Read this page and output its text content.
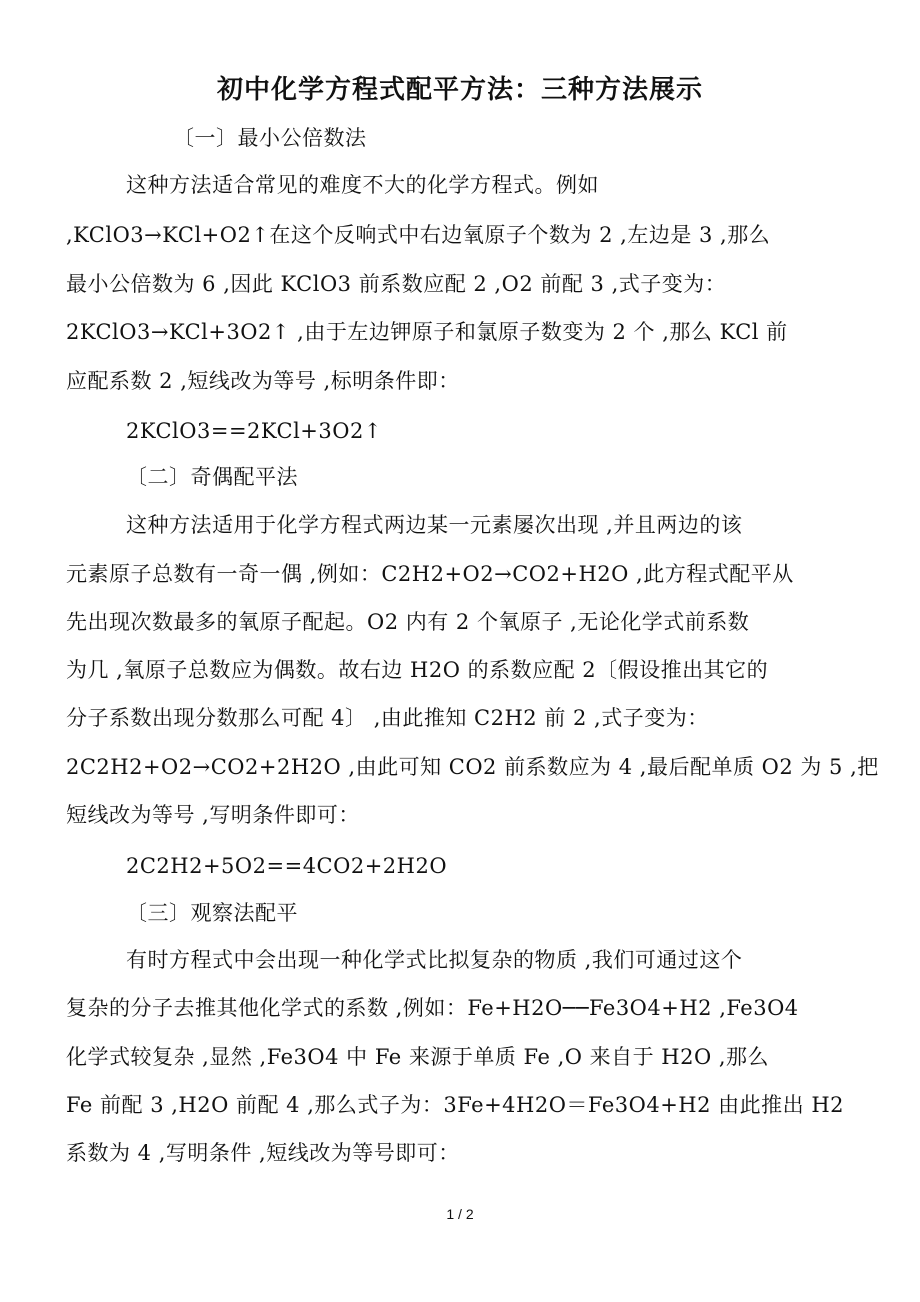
初中化学方程式配平方法：三种方法展示
〔一〕最小公倍数法
这种方法适合常见的难度不大的化学方程式。例如
,KClO3→KCl+O2↑在这个反响式中右边氧原子个数为 2 ,左边是 3 ,那么
最小公倍数为 6 ,因此 KClO3 前系数应配 2 ,O2 前配 3 ,式子变为：
2KClO3→KCl+3O2↑ ,由于左边钾原子和氯原子数变为 2 个 ,那么 KCl 前
应配系数 2 ,短线改为等号 ,标明条件即：
2KClO3==2KCl+3O2↑
〔二〕奇偶配平法
这种方法适用于化学方程式两边某一元素屡次出现 ,并且两边的该
元素原子总数有一奇一偶 ,例如：C2H2+O2→CO2+H2O ,此方程式配平从
先出现次数最多的氧原子配起。O2 内有 2 个氧原子 ,无论化学式前系数
为几 ,氧原子总数应为偶数。故右边 H2O 的系数应配 2〔假设推出其它的
分子系数出现分数那么可配 4〕 ,由此推知 C2H2 前 2 ,式子变为：
2C2H2+O2→CO2+2H2O ,由此可知 CO2 前系数应为 4 ,最后配单质 O2 为 5 ,把
短线改为等号 ,写明条件即可：
2C2H2+5O2==4CO2+2H2O
〔三〕观察法配平
有时方程式中会出现一种化学式比拟复杂的物质 ,我们可通过这个
复杂的分子去推其他化学式的系数 ,例如：Fe+H2O──Fe3O4+H2 ,Fe3O4
化学式较复杂 ,显然 ,Fe3O4 中 Fe 来源于单质 Fe ,O 来自于 H2O ,那么
Fe 前配 3 ,H2O 前配 4 ,那么式子为：3Fe+4H2O＝Fe3O4+H2 由此推出 H2
系数为 4 ,写明条件 ,短线改为等号即可：
1 / 2
